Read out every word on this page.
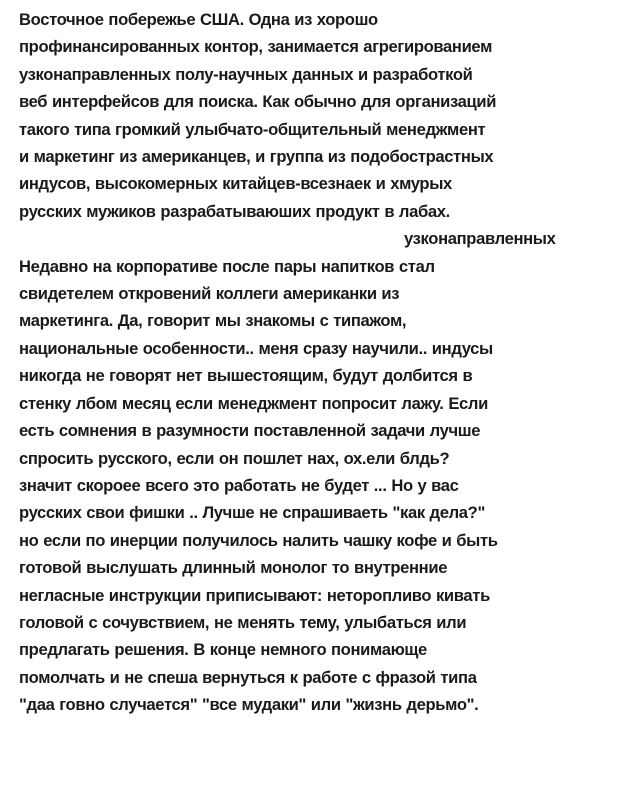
Восточное побережье США. Одна из хорошо
профинансированных контор, занимается агрегированием
узконаправленных полу-научных данных и разработкой
веб интерфейсов для поиска. Как обычно для организаций
такого типа громкий улыбчато-общительный менеджмент
и маркетинг из американцев, и группа из подобострастных
индусов, высокомерных китайцев-всезнаек и хмурых
русских мужиков разрабатываюших продукт в лабах.
узконаправленных
Недавно на корпоративе после пары напитков стал
свидетелем откровений коллеги американки из
маркетинга. Да, говорит мы знакомы с типажом,
национальные особенности.. меня сразу научили.. индусы
никогда не говорят нет вышестоящим, будут долбится в
стенку лбом месяц если менеджмент попросит лажу. Если
есть сомнения в разумности поставленной задачи лучше
спросить русского, если он пошлет нах, ох.ели блдь?
значит скорoее всего это работать не будет ... Но у вас
русских свои фишки .. Лучше не спрашиваеть "как дела?"
но если по инерции получилось налить чашку кофе и быть
готовой выслушать длинный монолог то внутренние
негласные инструкции приписывают: неторопливо кивать
головой с сочувствием, не менять тему, улыбаться или
предлагать решения. В конце немного понимающе
помолчать и не спеша вернуться к работе с фразой типа
"даа говно случается" "все мудаки" или "жизнь дерьмо".
